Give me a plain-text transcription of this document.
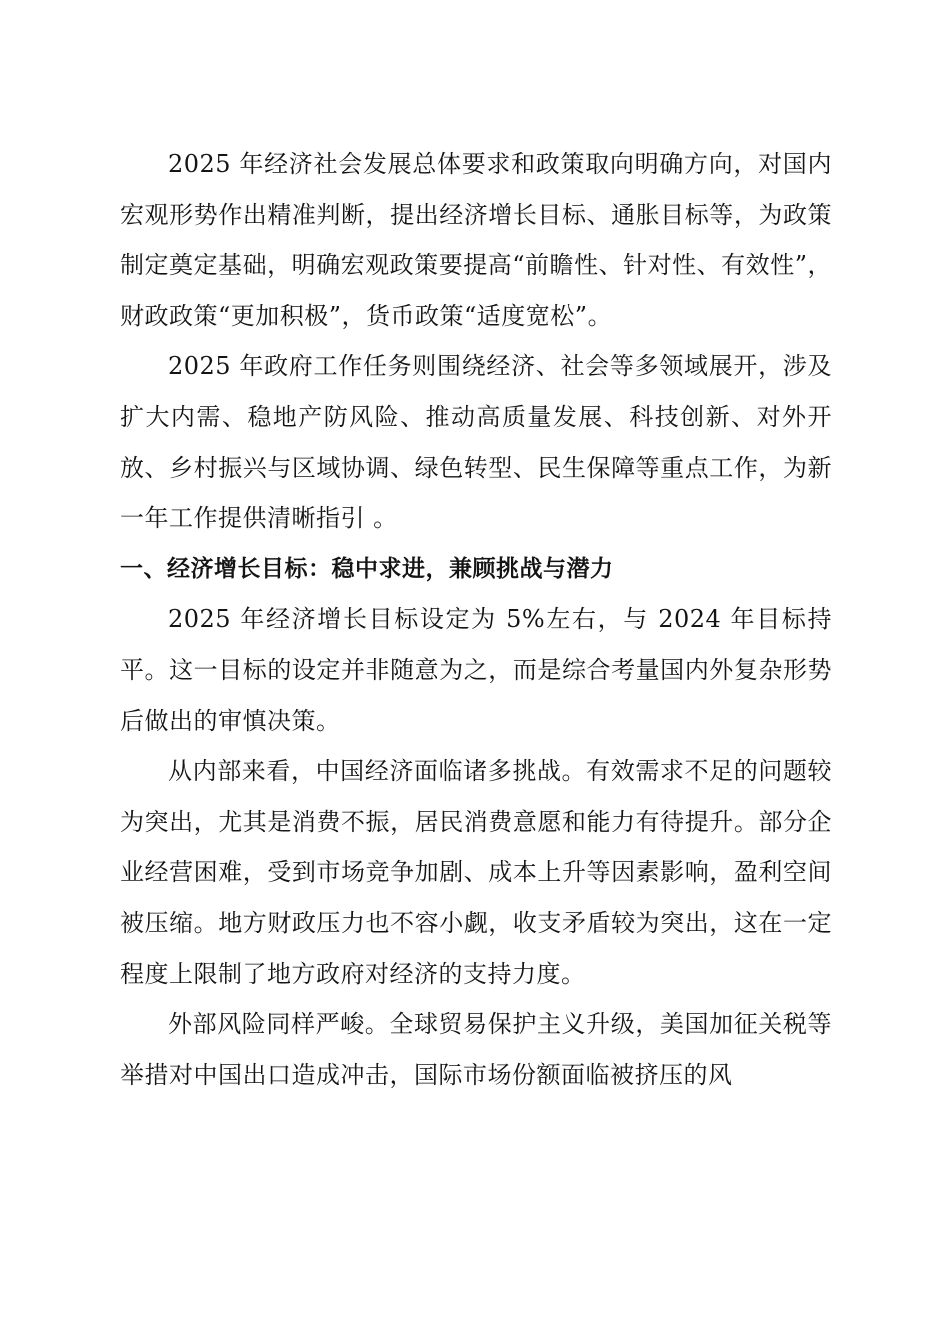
2025 年经济社会发展总体要求和政策取向明确方向，对国内宏观形势作出精准判断，提出经济增长目标、通胀目标等，为政策制定奠定基础，明确宏观政策要提高“前瞻性、针对性、有效性”，财政政策“更加积极”，货币政策“适度宽松”。

2025 年政府工作任务则围绕经济、社会等多领域展开，涉及扩大内需、稳地产防风险、推动高质量发展、科技创新、对外开放、乡村振兴与区域协调、绿色转型、民生保障等重点工作，为新一年工作提供清晰指引 。

一、经济增长目标：稳中求进，兼顾挑战与潜力

2025 年经济增长目标设定为 5%左右，与 2024 年目标持平。这一目标的设定并非随意为之，而是综合考量国内外复杂形势后做出的审慎决策。

从内部来看，中国经济面临诸多挑战。有效需求不足的问题较为突出，尤其是消费不振，居民消费意愿和能力有待提升。部分企业经营困难，受到市场竞争加剧、成本上升等因素影响，盈利空间被压缩。地方财政压力也不容小觑，收支矛盾较为突出，这在一定程度上限制了地方政府对经济的支持力度。

外部风险同样严峻。全球贸易保护主义升级，美国加征关税等举措对中国出口造成冲击，国际市场份额面临被挤压的风
